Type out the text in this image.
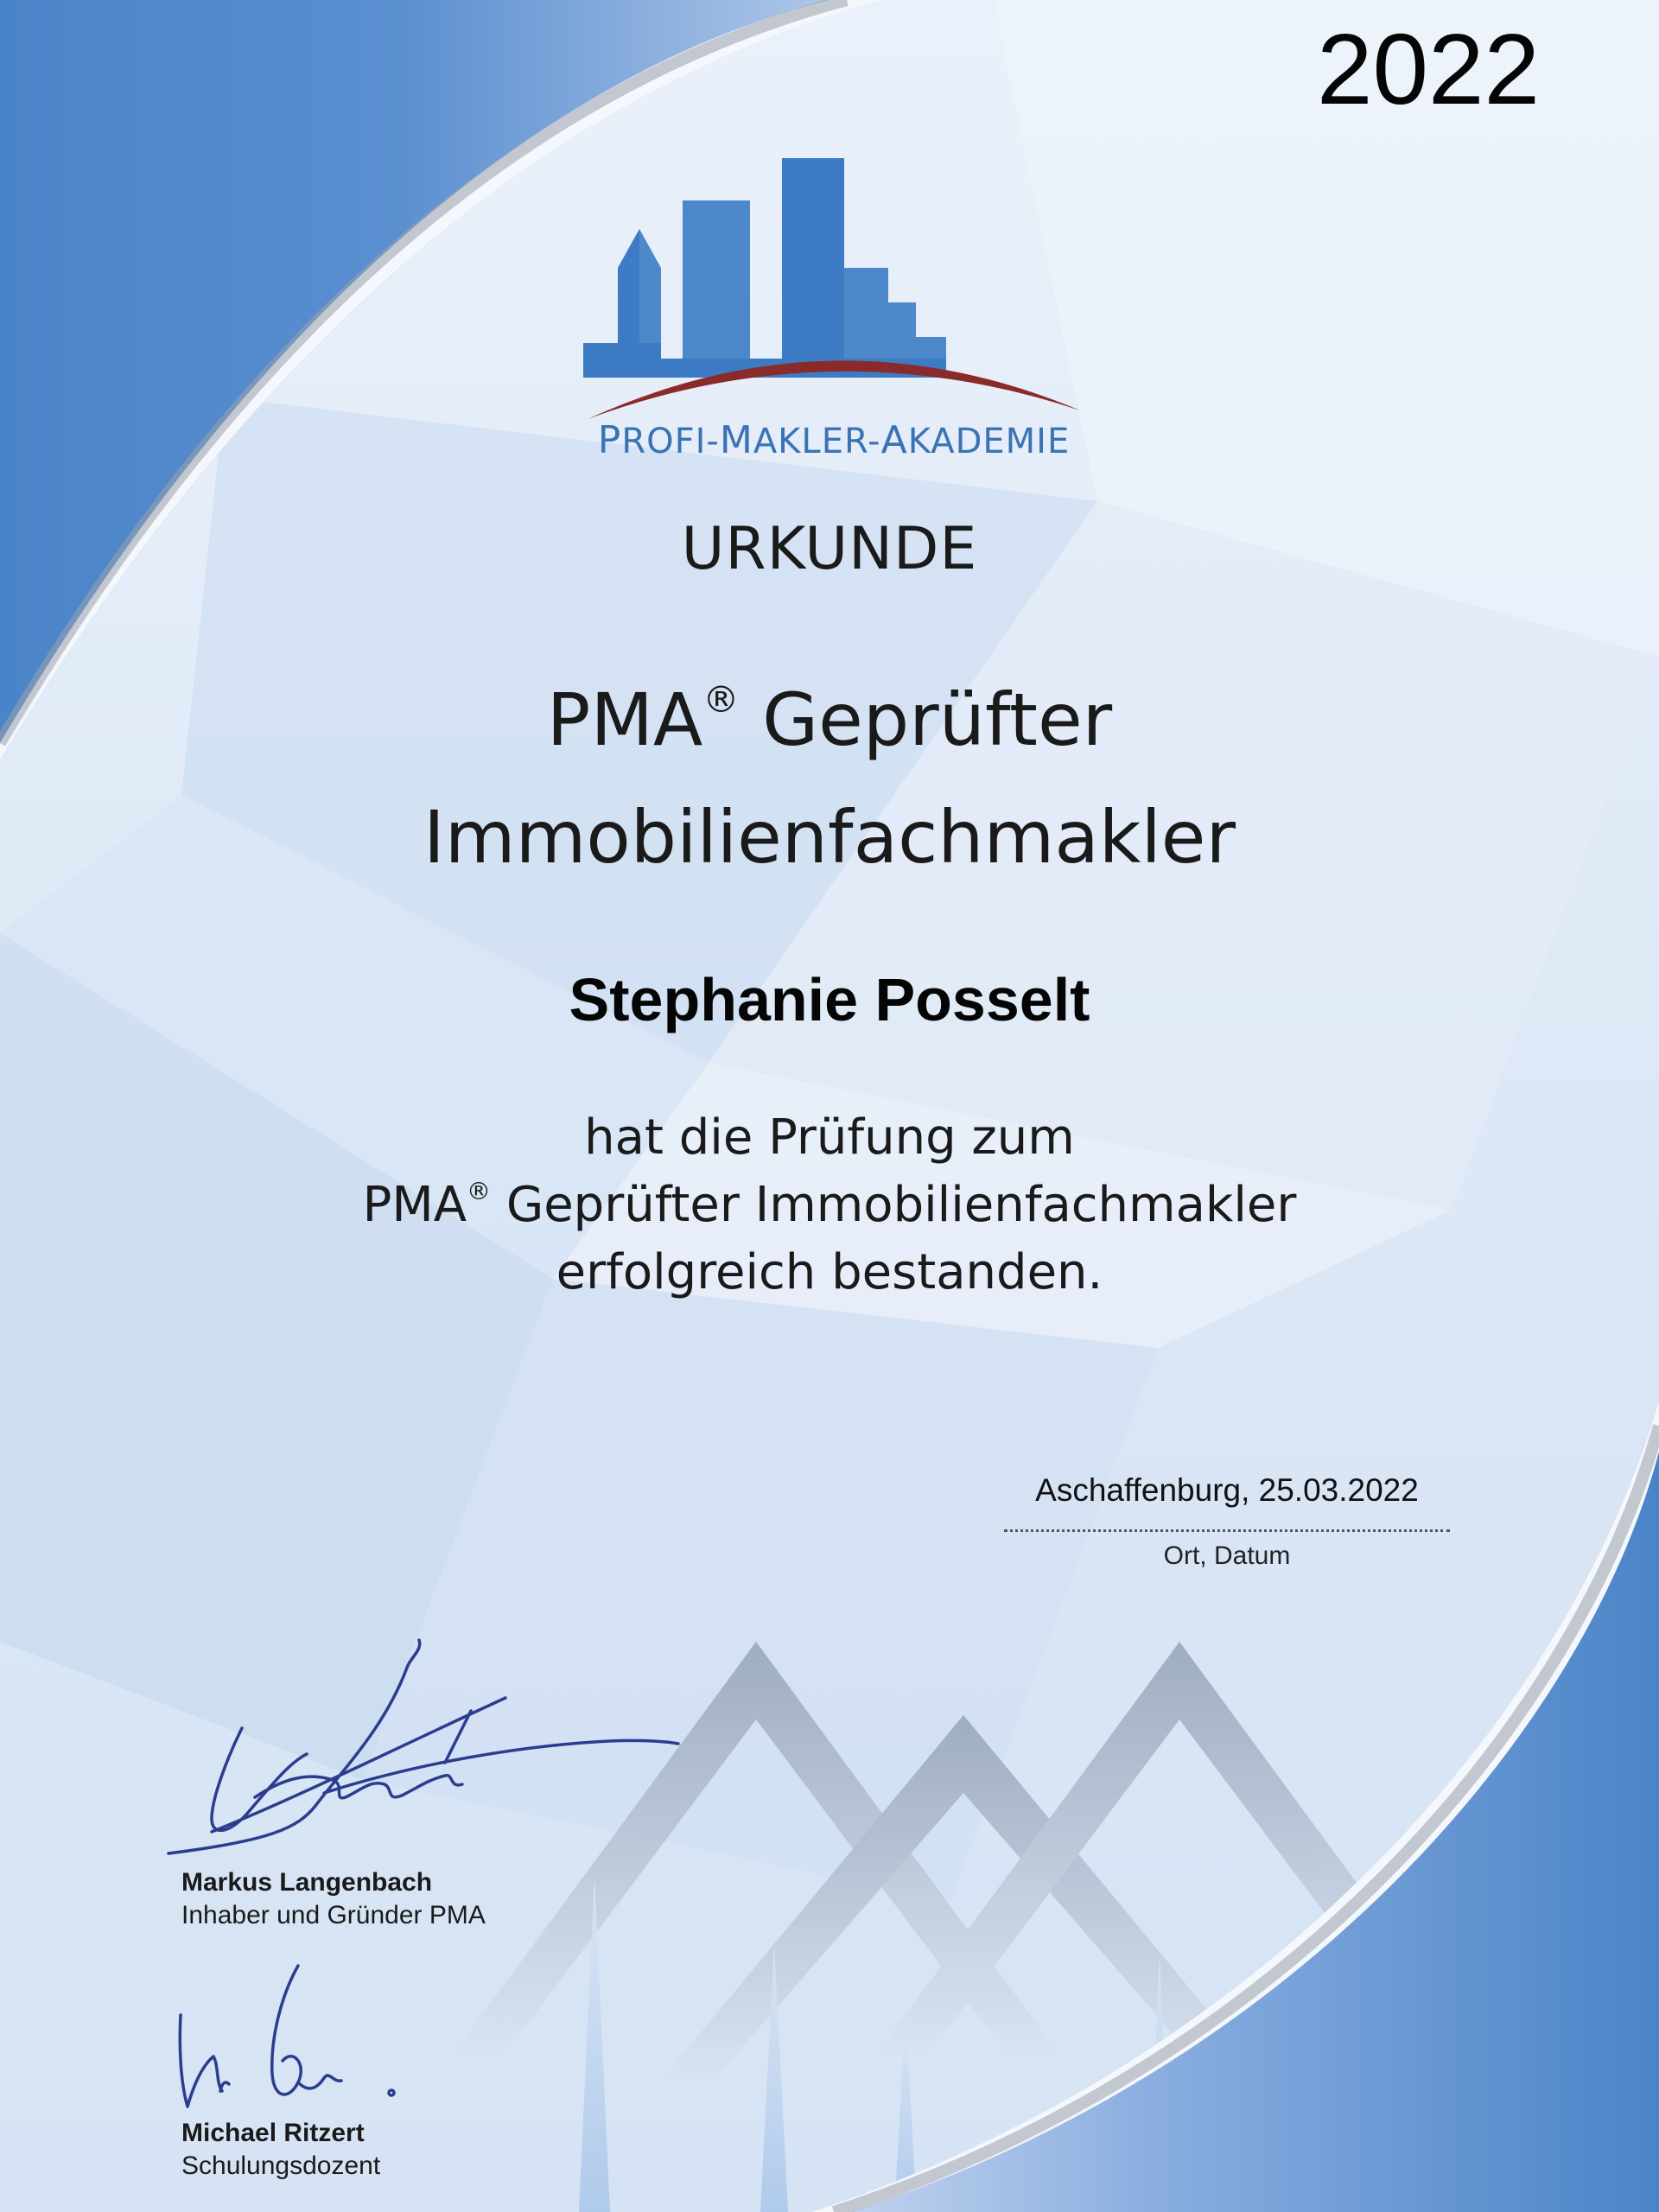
2022
PROFI-MAKLER-AKADEMIE
URKUNDE
PMA® Geprüfter
Immobilienfachmakler
Stephanie Posselt
hat die Prüfung zum
PMA® Geprüfter Immobilienfachmakler
erfolgreich bestanden.
Aschaffenburg, 25.03.2022
Ort, Datum
Markus Langenbach
Inhaber und Gründer PMA
Michael Ritzert
Schulungsdozent
